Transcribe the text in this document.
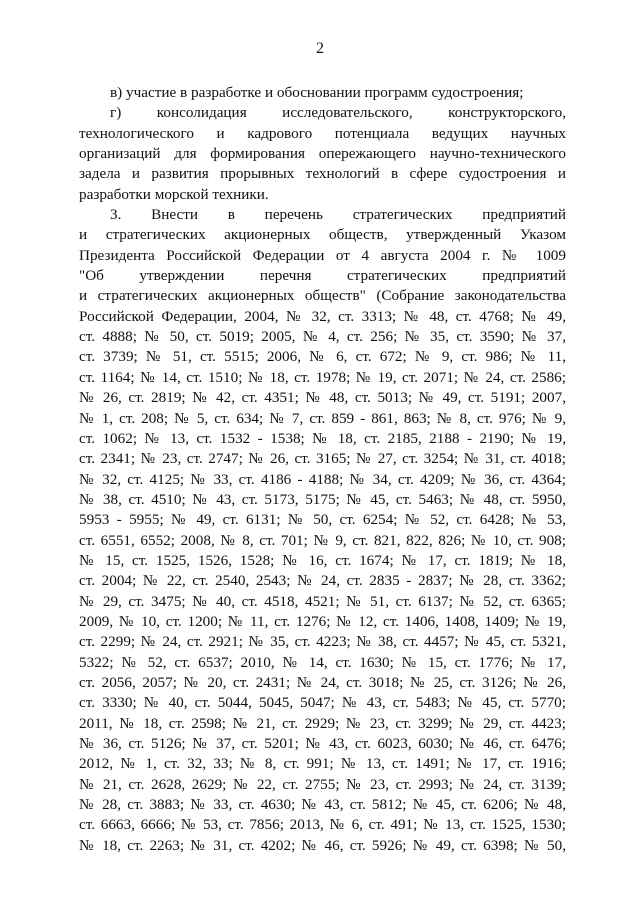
2
в) участие в разработке и обосновании программ судостроения;
г) консолидация исследовательского, конструкторского,
технологического и кадрового потенциала ведущих научных
организаций для формирования опережающего научно-технического
задела и развития прорывных технологий в сфере судостроения и
разработки морской техники.
3. Внести в перечень стратегических предприятий
и стратегических акционерных обществ, утвержденный Указом
Президента Российской Федерации от 4 августа 2004 г. № 1009
"Об утверждении перечня стратегических предприятий
и стратегических акционерных обществ" (Собрание законодательства
Российской Федерации, 2004, № 32, ст. 3313; № 48, ст. 4768; № 49,
ст. 4888; № 50, ст. 5019; 2005, № 4, ст. 256; № 35, ст. 3590; № 37,
ст. 3739; № 51, ст. 5515; 2006, № 6, ст. 672; № 9, ст. 986; № 11,
ст. 1164; № 14, ст. 1510; № 18, ст. 1978; № 19, ст. 2071; № 24, ст. 2586;
№ 26, ст. 2819; № 42, ст. 4351; № 48, ст. 5013; № 49, ст. 5191; 2007,
№ 1, ст. 208; № 5, ст. 634; № 7, ст. 859 - 861, 863; № 8, ст. 976; № 9,
ст. 1062; № 13, ст. 1532 - 1538; № 18, ст. 2185, 2188 - 2190; № 19,
ст. 2341; № 23, ст. 2747; № 26, ст. 3165; № 27, ст. 3254; № 31, ст. 4018;
№ 32, ст. 4125; № 33, ст. 4186 - 4188; № 34, ст. 4209; № 36, ст. 4364;
№ 38, ст. 4510; № 43, ст. 5173, 5175; № 45, ст. 5463; № 48, ст. 5950,
5953 - 5955; № 49, ст. 6131; № 50, ст. 6254; № 52, ст. 6428; № 53,
ст. 6551, 6552; 2008, № 8, ст. 701; № 9, ст. 821, 822, 826; № 10, ст. 908;
№ 15, ст. 1525, 1526, 1528; № 16, ст. 1674; № 17, ст. 1819; № 18,
ст. 2004; № 22, ст. 2540, 2543; № 24, ст. 2835 - 2837; № 28, ст. 3362;
№ 29, ст. 3475; № 40, ст. 4518, 4521; № 51, ст. 6137; № 52, ст. 6365;
2009, № 10, ст. 1200; № 11, ст. 1276; № 12, ст. 1406, 1408, 1409; № 19,
ст. 2299; № 24, ст. 2921; № 35, ст. 4223; № 38, ст. 4457; № 45, ст. 5321,
5322; № 52, ст. 6537; 2010, № 14, ст. 1630; № 15, ст. 1776; № 17,
ст. 2056, 2057; № 20, ст. 2431; № 24, ст. 3018; № 25, ст. 3126; № 26,
ст. 3330; № 40, ст. 5044, 5045, 5047; № 43, ст. 5483; № 45, ст. 5770;
2011, № 18, ст. 2598; № 21, ст. 2929; № 23, ст. 3299; № 29, ст. 4423;
№ 36, ст. 5126; № 37, ст. 5201; № 43, ст. 6023, 6030; № 46, ст. 6476;
2012, № 1, ст. 32, 33; № 8, ст. 991; № 13, ст. 1491; № 17, ст. 1916;
№ 21, ст. 2628, 2629; № 22, ст. 2755; № 23, ст. 2993; № 24, ст. 3139;
№ 28, ст. 3883; № 33, ст. 4630; № 43, ст. 5812; № 45, ст. 6206; № 48,
ст. 6663, 6666; № 53, ст. 7856; 2013, № 6, ст. 491; № 13, ст. 1525, 1530;
№ 18, ст. 2263; № 31, ст. 4202; № 46, ст. 5926; № 49, ст. 6398; № 50,
